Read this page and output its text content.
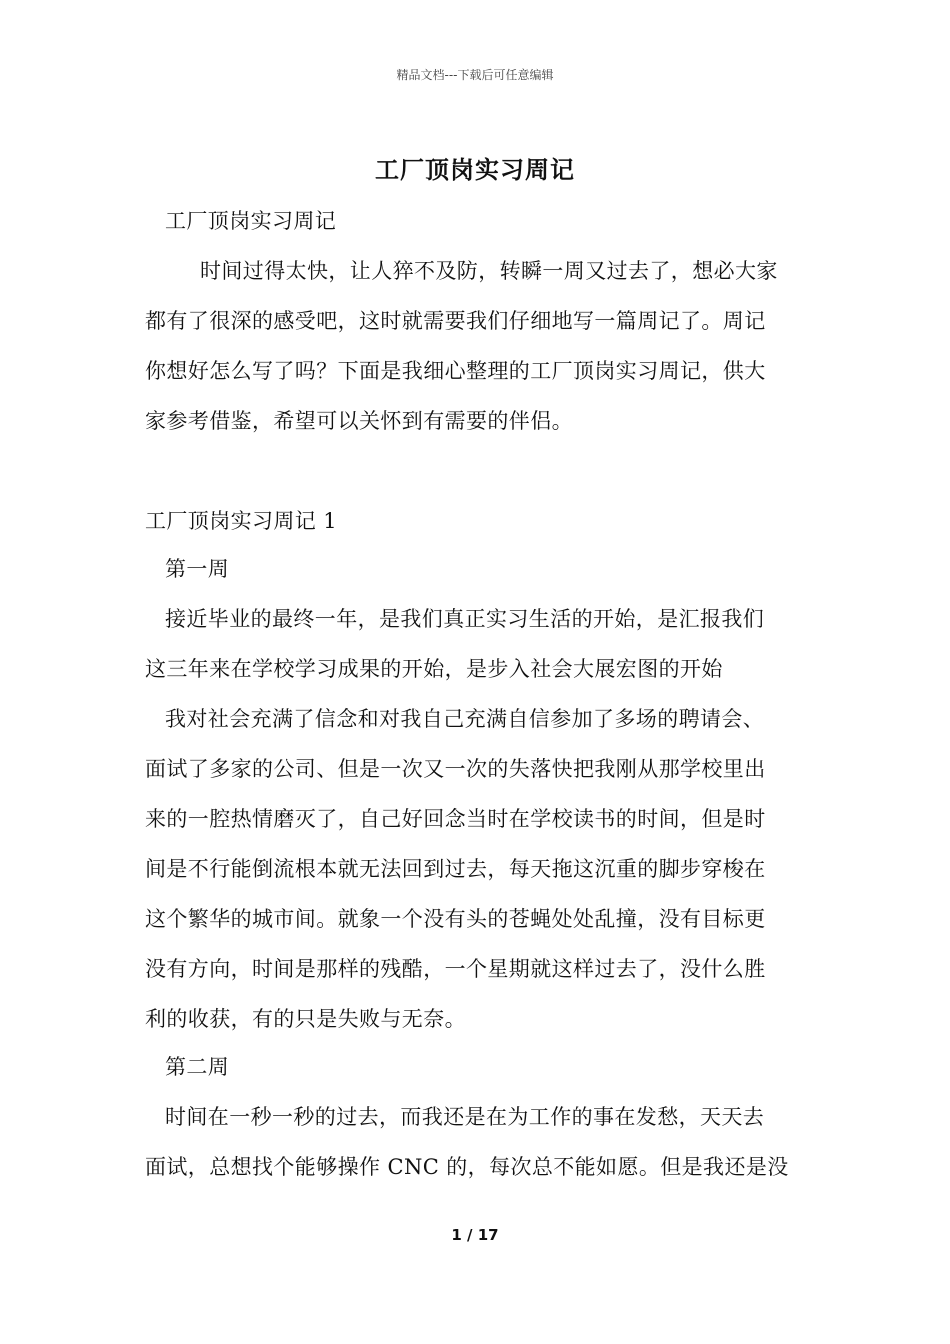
精品文档---下载后可任意编辑
工厂顶岗实习周记
工厂顶岗实习周记
时间过得太快，让人猝不及防，转瞬一周又过去了，想必大家
都有了很深的感受吧，这时就需要我们仔细地写一篇周记了。周记
你想好怎么写了吗？下面是我细心整理的工厂顶岗实习周记，供大
家参考借鉴，希望可以关怀到有需要的伴侣。
工厂顶岗实习周记 1
第一周
接近毕业的最终一年，是我们真正实习生活的开始，是汇报我们
这三年来在学校学习成果的开始，是步入社会大展宏图的开始
我对社会充满了信念和对我自己充满自信参加了多场的聘请会、
面试了多家的公司、但是一次又一次的失落快把我刚从那学校里出
来的一腔热情磨灭了，自己好回念当时在学校读书的时间，但是时
间是不行能倒流根本就无法回到过去，每天拖这沉重的脚步穿梭在
这个繁华的城市间。就象一个没有头的苍蝇处处乱撞，没有目标更
没有方向，时间是那样的残酷，一个星期就这样过去了，没什么胜
利的收获，有的只是失败与无奈。
第二周
时间在一秒一秒的过去，而我还是在为工作的事在发愁，天天去
面试，总想找个能够操作 CNC 的，每次总不能如愿。但是我还是没
1 / 17
